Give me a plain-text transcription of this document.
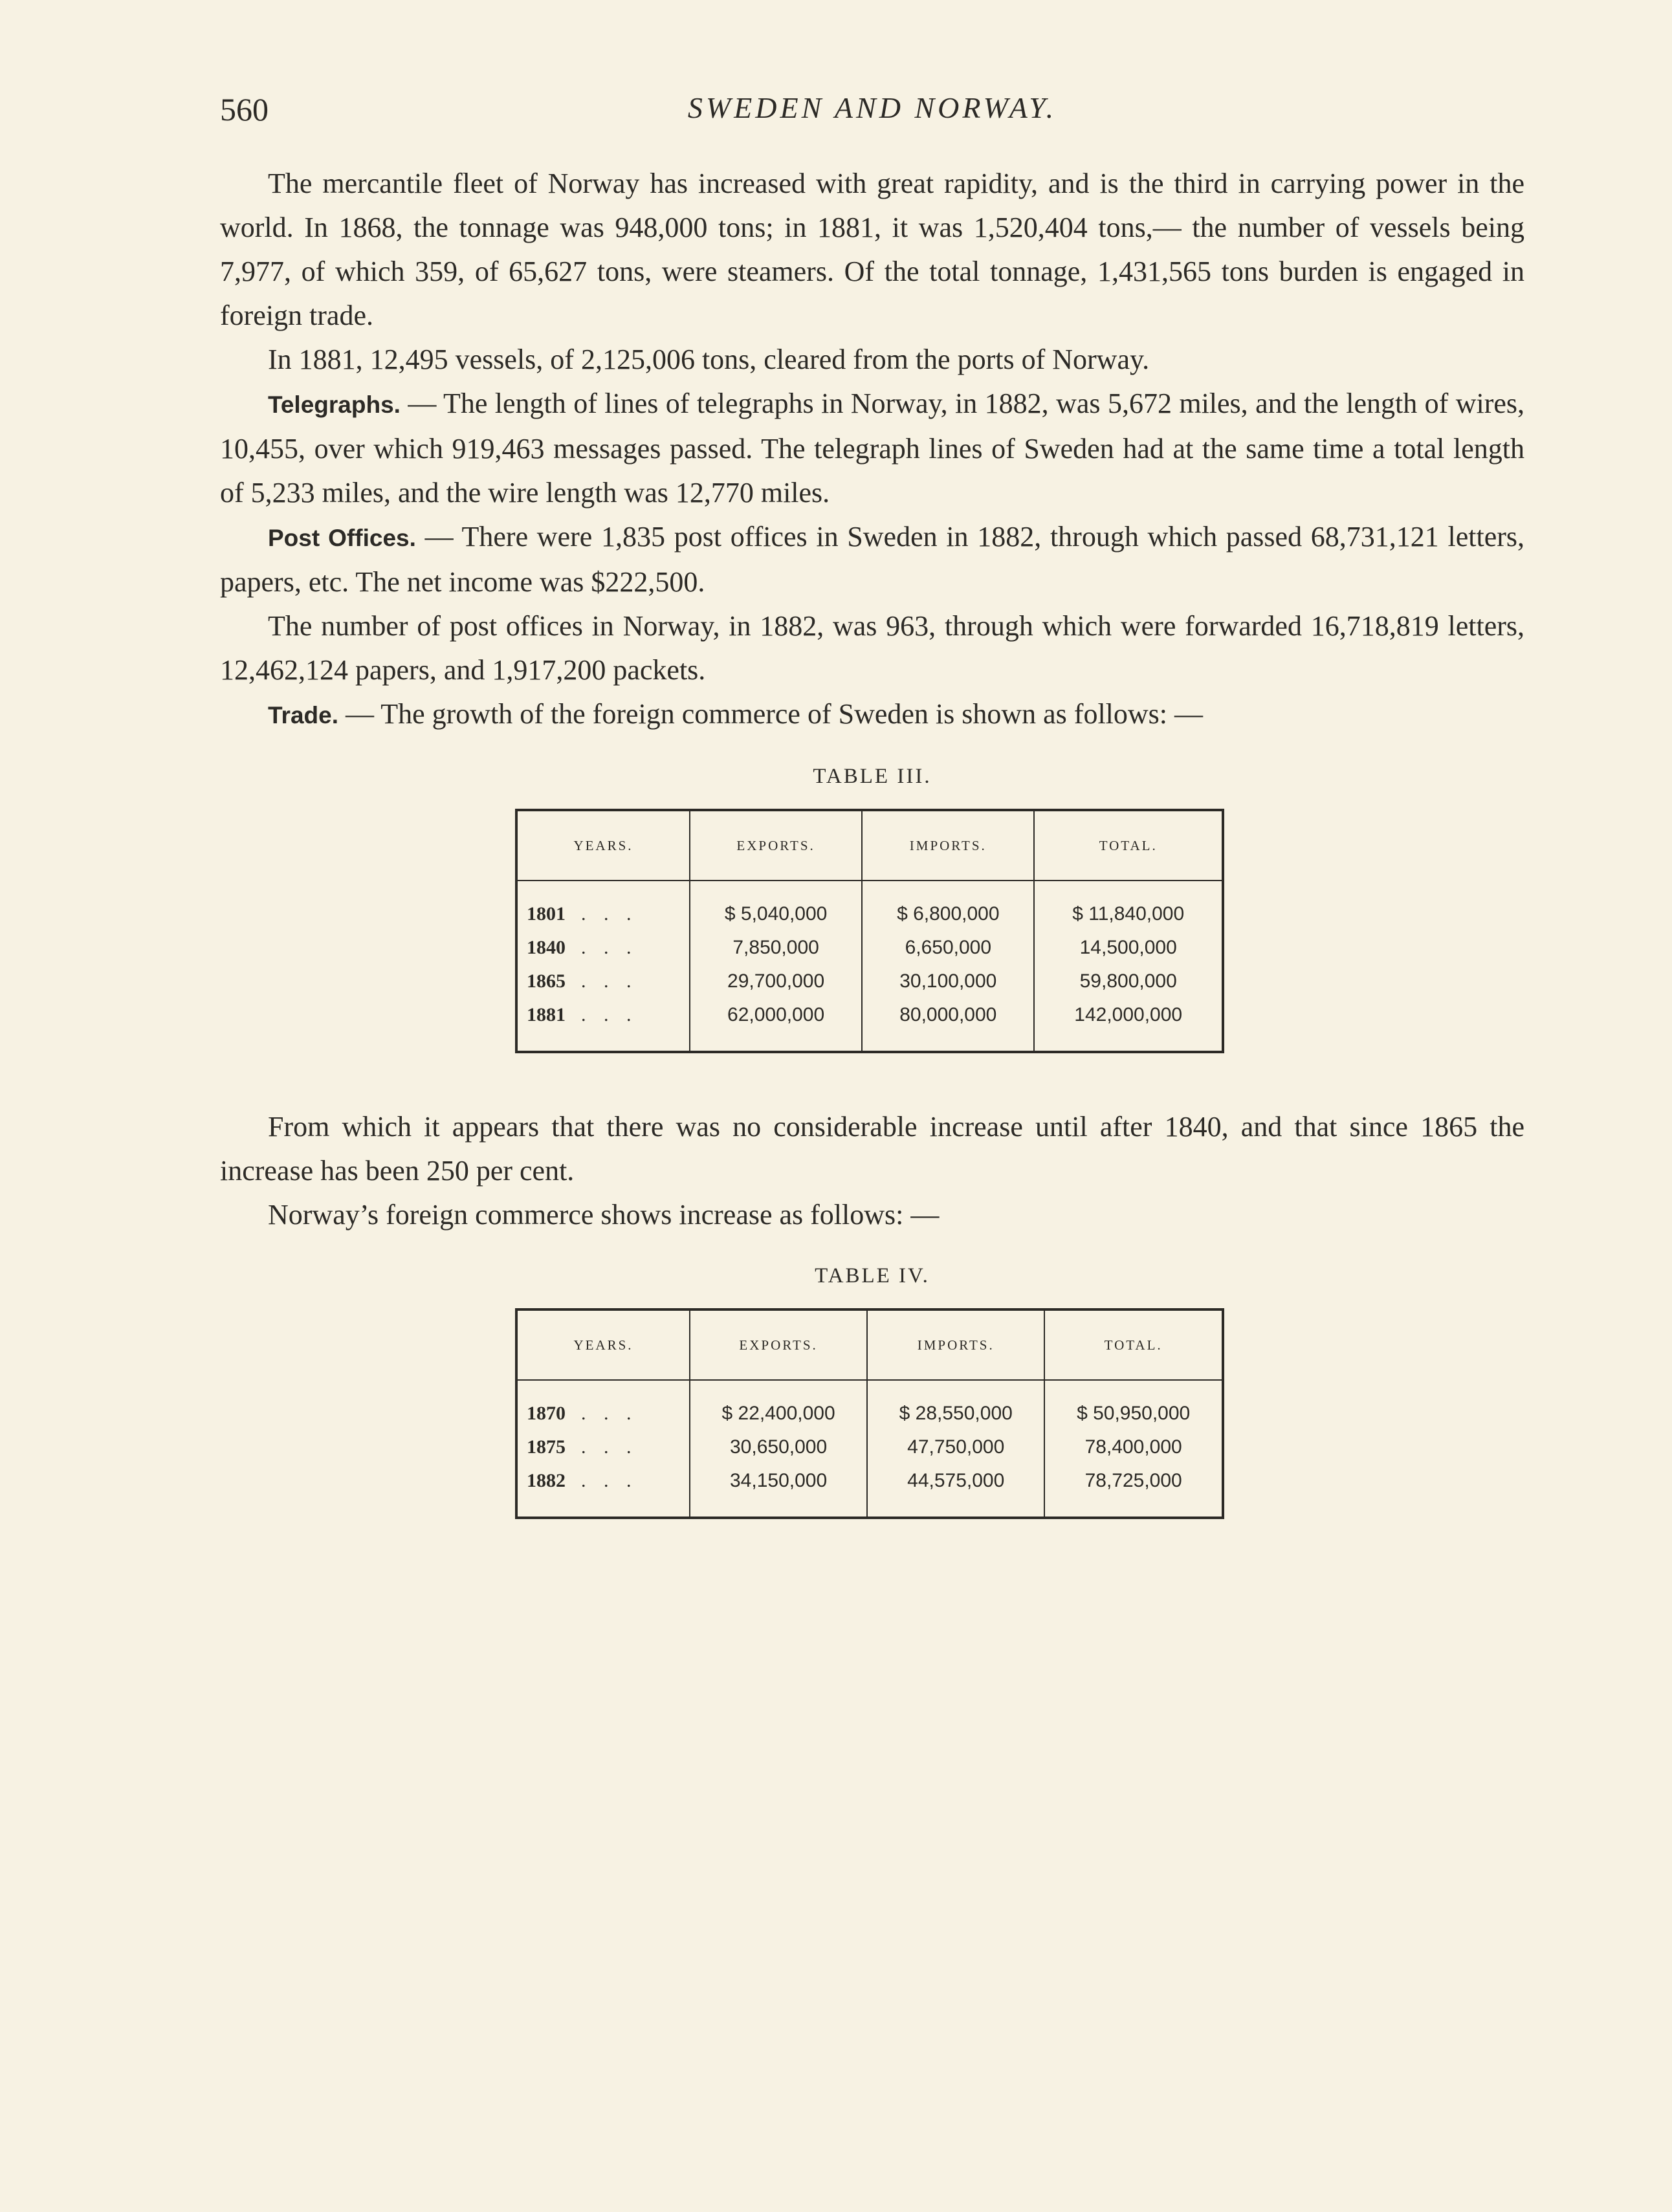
560	SWEDEN AND NORWAY.

The mercantile fleet of Norway has increased with great rapidity, and is the third in carrying power in the world. In 1868, the tonnage was 948,000 tons; in 1881, it was 1,520,404 tons,— the number of vessels being 7,977, of which 359, of 65,627 tons, were steamers. Of the total tonnage, 1,431,565 tons burden is engaged in foreign trade.

In 1881, 12,495 vessels, of 2,125,006 tons, cleared from the ports of Norway.

Telegraphs. — The length of lines of telegraphs in Norway, in 1882, was 5,672 miles, and the length of wires, 10,455, over which 919,463 messages passed. The telegraph lines of Sweden had at the same time a total length of 5,233 miles, and the wire length was 12,770 miles.

Post Offices. — There were 1,835 post offices in Sweden in 1882, through which passed 68,731,121 letters, papers, etc. The net income was $222,500.

The number of post offices in Norway, in 1882, was 963, through which were forwarded 16,718,819 letters, 12,462,124 papers, and 1,917,200 packets.

Trade. — The growth of the foreign commerce of Sweden is shown as follows: —

TABLE III.
YEARS.	EXPORTS.	IMPORTS.	TOTAL.
1801 . . .	$ 5,040,000	$ 6,800,000	$ 11,840,000
1840 . . .	7,850,000	6,650,000	14,500,000
1865 . . .	29,700,000	30,100,000	59,800,000
1881 . . .	62,000,000	80,000,000	142,000,000

From which it appears that there was no considerable increase until after 1840, and that since 1865 the increase has been 250 per cent.

Norway’s foreign commerce shows increase as follows: —

TABLE IV.
YEARS.	EXPORTS.	IMPORTS.	TOTAL.
1870 . . .	$ 22,400,000	$ 28,550,000	$ 50,950,000
1875 . . .	30,650,000	47,750,000	78,400,000
1882 . . .	34,150,000	44,575,000	78,725,000
